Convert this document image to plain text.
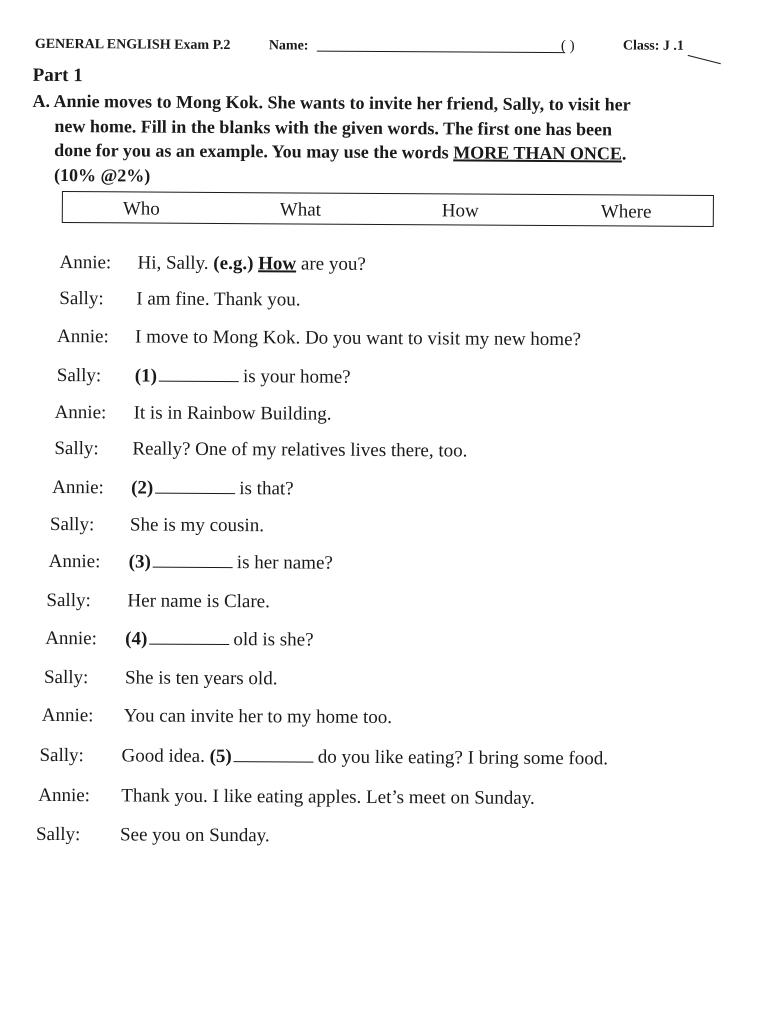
GENERAL ENGLISH Exam P.2	Name:	( )	Class: J .1
Part 1
A. Annie moves to Mong Kok. She wants to invite her friend, Sally, to visit her
new home. Fill in the blanks with the given words. The first one has been
done for you as an example. You may use the words MORE THAN ONCE.
(10% @2%)
Who	What	How	Where
Annie: Hi, Sally. (e.g.) How are you?
Sally: I am fine. Thank you.
Annie: I move to Mong Kok. Do you want to visit my new home?
Sally: (1)	is your home?
Annie: It is in Rainbow Building.
Sally: Really? One of my relatives lives there, too.
Annie: (2)	is that?
Sally: She is my cousin.
Annie: (3)	is her name?
Sally: Her name is Clare.
Annie: (4)	old is she?
Sally: She is ten years old.
Annie: You can invite her to my home too.
Sally: Good idea. (5)	do you like eating? I bring some food.
Annie: Thank you. I like eating apples. Let’s meet on Sunday.
Sally: See you on Sunday.
